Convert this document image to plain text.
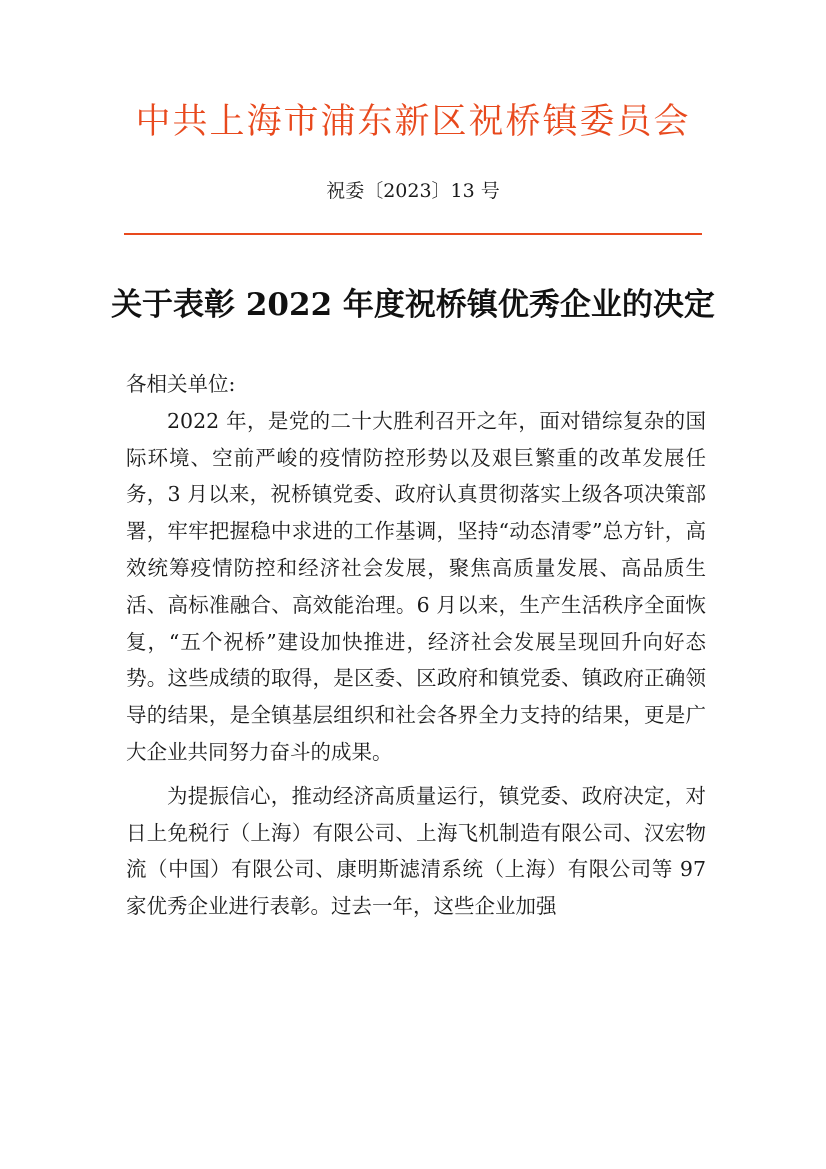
中共上海市浦东新区祝桥镇委员会
祝委〔2023〕13 号
关于表彰 2022 年度祝桥镇优秀企业的决定

各相关单位:

2022 年，是党的二十大胜利召开之年，面对错综复杂的国际环境、空前严峻的疫情防控形势以及艰巨繁重的改革发展任务，3 月以来，祝桥镇党委、政府认真贯彻落实上级各项决策部署，牢牢把握稳中求进的工作基调，坚持“动态清零”总方针，高效统筹疫情防控和经济社会发展，聚焦高质量发展、高品质生活、高标准融合、高效能治理。6 月以来，生产生活秩序全面恢复，“五个祝桥”建设加快推进，经济社会发展呈现回升向好态势。这些成绩的取得，是区委、区政府和镇党委、镇政府正确领导的结果，是全镇基层组织和社会各界全力支持的结果，更是广大企业共同努力奋斗的成果。

为提振信心，推动经济高质量运行，镇党委、政府决定，对日上免税行（上海）有限公司、上海飞机制造有限公司、汉宏物流（中国）有限公司、康明斯滤清系统（上海）有限公司等 97 家优秀企业进行表彰。过去一年，这些企业加强
